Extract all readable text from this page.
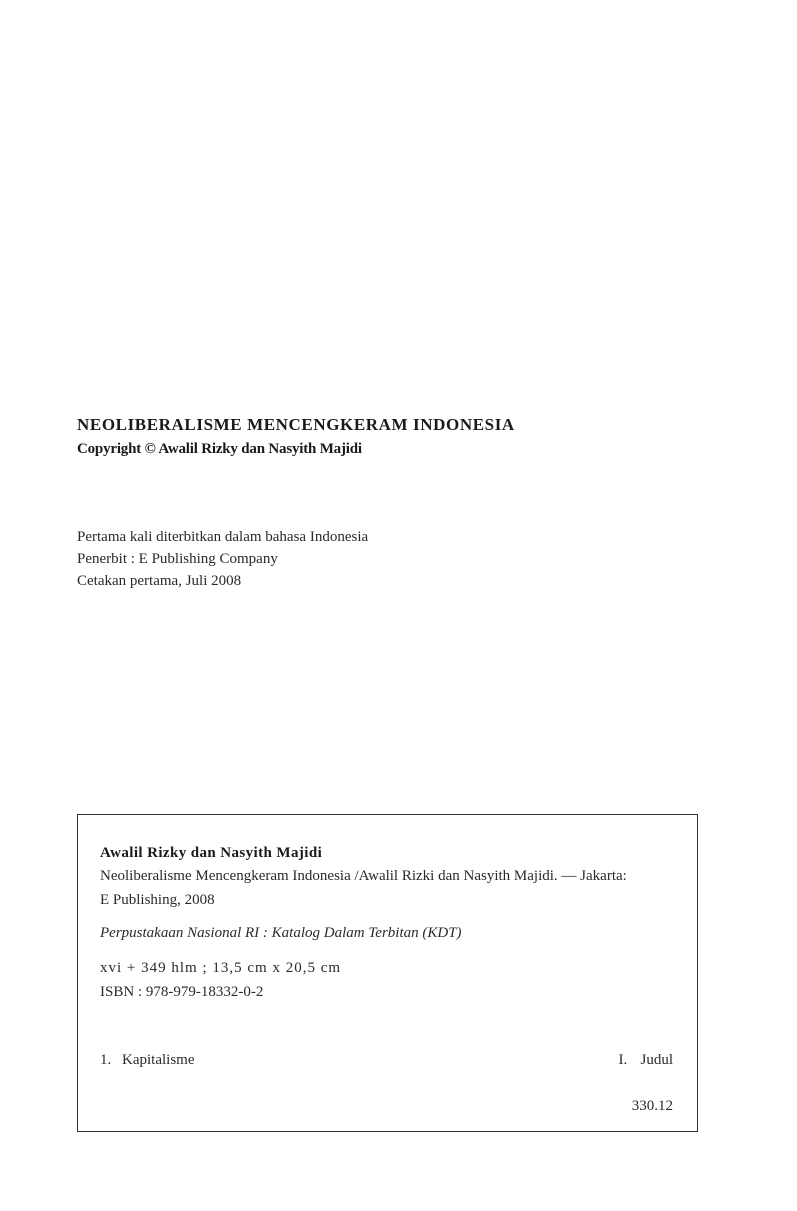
NEOLIBERALISME MENCENGKERAM INDONESIA

Copyright © Awalil Rizky dan Nasyith Majidi

Pertama kali diterbitkan dalam bahasa Indonesia
Penerbit : E Publishing Company
Cetakan pertama, Juli 2008

Awalil Rizky dan Nasyith Majidi

Neoliberalisme Mencengkeram Indonesia /Awalil Rizki dan Nasyith Majidi. — Jakarta:
E Publishing, 2008

Perpustakaan Nasional RI : Katalog Dalam Terbitan (KDT)

xvi + 349 hlm ; 13,5 cm x 20,5 cm
ISBN : 978-979-18332-0-2

1. Kapitalisme	I. Judul
330.12
